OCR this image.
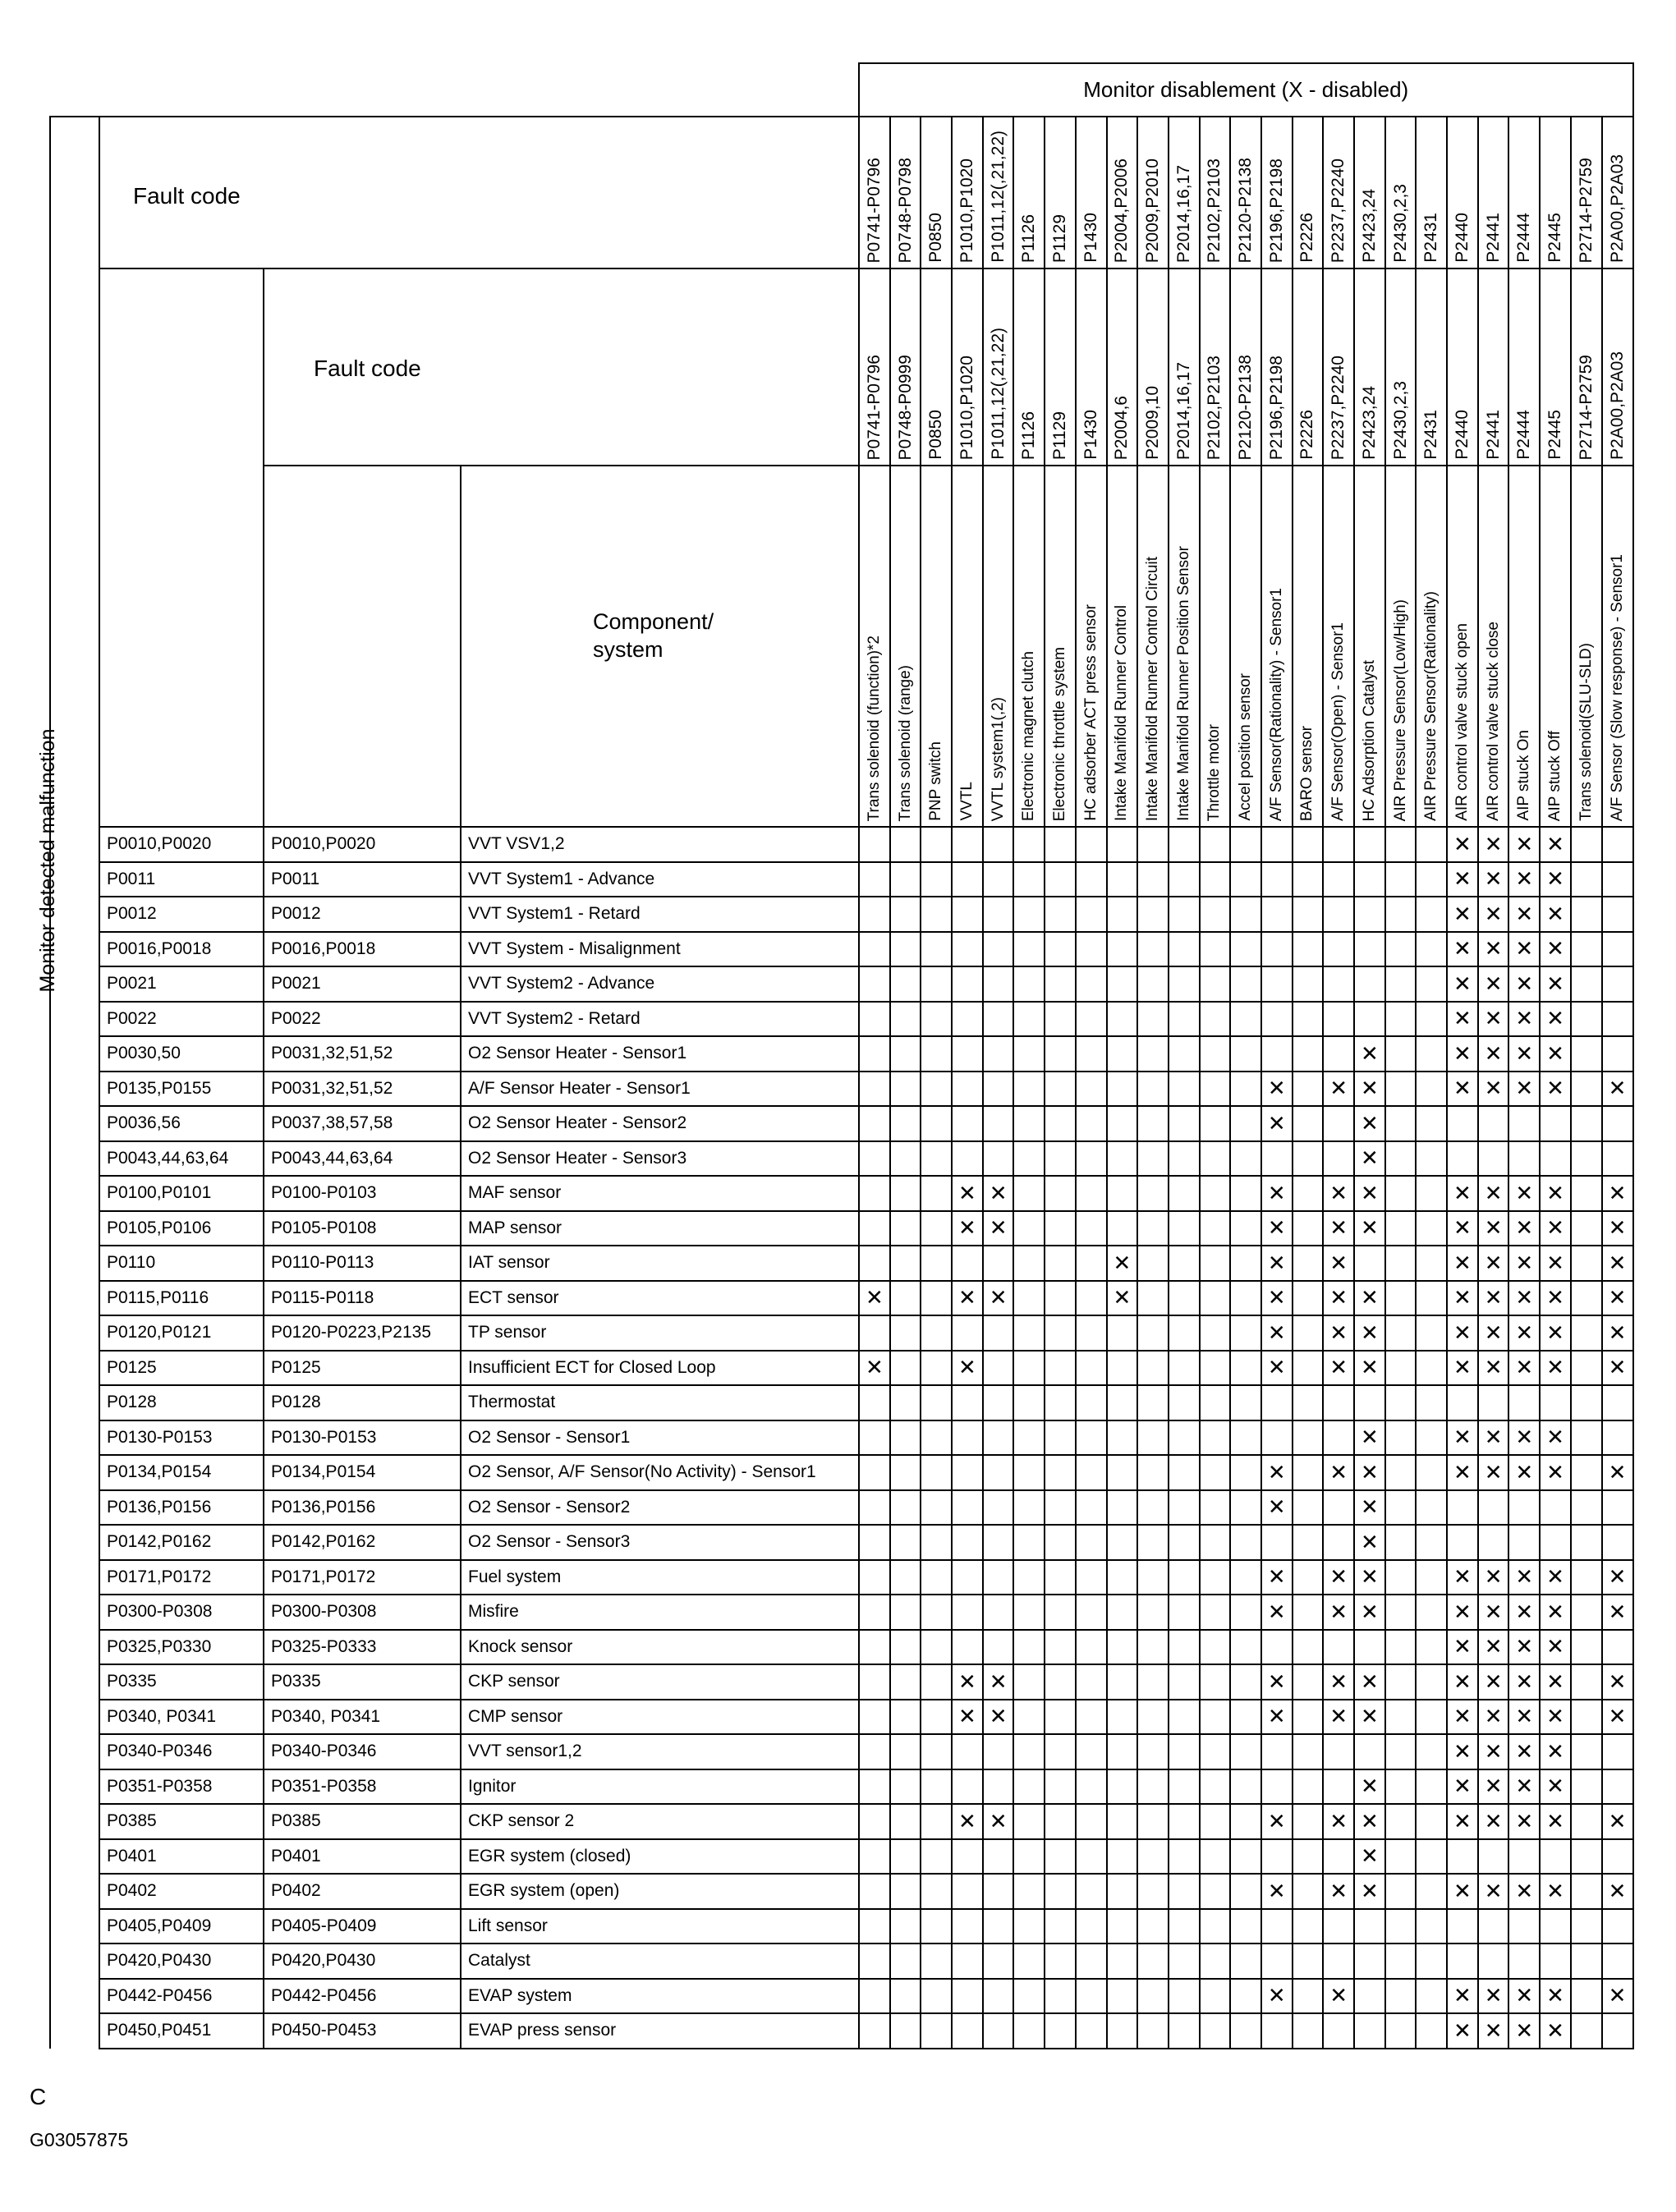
Monitor detected malfunction
				Monitor disablement (X - disabled)																								
	Fault code			P0741-P0796	P0748-P0798	P0850	P1010,P1020	P1011,12(,21,22)	P1126	P1129	P1430	P2004,P2006	P2009,P2010	P2014,16,17	P2102,P2103	P2120-P2138	P2196,P2198	P2226	P2237,P2240	P2423,24	P2430,2,3	P2431	P2440	P2441	P2444	P2445	P2714-P2759	P2A00,P2A03

		Fault code		P0741-P0796	P0748-P0999	P0850	P1010,P1020	P1011,12(,21,22)	P1126	P1129	P1430	P2004,6	P2009,10	P2014,16,17	P2102,P2103	P2120-P2138	P2196,P2198	P2226	P2237,P2240	P2423,24	P2430,2,3	P2431	P2440	P2441	P2444	P2445	P2714-P2759	P2A00,P2A03

			Component/
system	Trans solenoid (function)*2	Trans solenoid (range)	PNP switch	VVTL	VVTL system1(,2)	Electronic magnet clutch	Electronic throttle system	HC adsorber ACT press sensor	Intake Manifold Runner Control	Intake Manifold Runner Control Circuit	Intake Manifold Runner Position Sensor	Throttle motor	Accel position sensor	A/F Sensor(Rationality) - Sensor1	BARO sensor	A/F Sensor(Open) - Sensor1	HC Adsorption Catalyst	AIR Pressure Sensor(Low/High)	AIR Pressure Sensor(Rationality)	AIR control valve stuck open	AIR control valve stuck close	AIP stuck On	AIP stuck Off	Trans solenoid(SLU-SLD)	A/F Sensor (Slow response) - Sensor1

	P0010,P0020	P0010,P0020	VVT VSV1,2																				✕	✕	✕	✕		
	P0011	P0011	VVT System1 - Advance																				✕	✕	✕	✕		
	P0012	P0012	VVT System1 - Retard																				✕	✕	✕	✕		
	P0016,P0018	P0016,P0018	VVT System - Misalignment																				✕	✕	✕	✕		
	P0021	P0021	VVT System2 - Advance																				✕	✕	✕	✕		
	P0022	P0022	VVT System2 - Retard																				✕	✕	✕	✕		
	P0030,50	P0031,32,51,52	O2 Sensor Heater - Sensor1																	✕			✕	✕	✕	✕		
	P0135,P0155	P0031,32,51,52	A/F Sensor Heater - Sensor1														✕		✕	✕			✕	✕	✕	✕		✕
	P0036,56	P0037,38,57,58	O2 Sensor Heater - Sensor2														✕			✕								
	P0043,44,63,64	P0043,44,63,64	O2 Sensor Heater - Sensor3																	✕								
	P0100,P0101	P0100-P0103	MAF sensor				✕	✕									✕		✕	✕			✕	✕	✕	✕		✕
	P0105,P0106	P0105-P0108	MAP sensor				✕	✕									✕		✕	✕			✕	✕	✕	✕		✕
	P0110	P0110-P0113	IAT sensor									✕					✕		✕				✕	✕	✕	✕		✕
	P0115,P0116	P0115-P0118	ECT sensor	✕			✕	✕				✕					✕		✕	✕			✕	✕	✕	✕		✕
	P0120,P0121	P0120-P0223,P2135	TP sensor														✕		✕	✕			✕	✕	✕	✕		✕
	P0125	P0125	Insufficient ECT for Closed Loop	✕			✕										✕		✕	✕			✕	✕	✕	✕		✕
	P0128	P0128	Thermostat																									
	P0130-P0153	P0130-P0153	O2 Sensor - Sensor1																	✕			✕	✕	✕	✕		
	P0134,P0154	P0134,P0154	O2 Sensor, A/F Sensor(No Activity) - Sensor1														✕		✕	✕			✕	✕	✕	✕		✕
	P0136,P0156	P0136,P0156	O2 Sensor - Sensor2														✕			✕								
	P0142,P0162	P0142,P0162	O2 Sensor - Sensor3																	✕								
	P0171,P0172	P0171,P0172	Fuel system														✕		✕	✕			✕	✕	✕	✕		✕
	P0300-P0308	P0300-P0308	Misfire														✕		✕	✕			✕	✕	✕	✕		✕
	P0325,P0330	P0325-P0333	Knock sensor																				✕	✕	✕	✕		
	P0335	P0335	CKP sensor				✕	✕									✕		✕	✕			✕	✕	✕	✕		✕
	P0340, P0341	P0340, P0341	CMP sensor				✕	✕									✕		✕	✕			✕	✕	✕	✕		✕
	P0340-P0346	P0340-P0346	VVT sensor1,2																				✕	✕	✕	✕		
	P0351-P0358	P0351-P0358	Ignitor																	✕			✕	✕	✕	✕		
	P0385	P0385	CKP sensor 2				✕	✕									✕		✕	✕			✕	✕	✕	✕		✕
	P0401	P0401	EGR system (closed)																	✕								
	P0402	P0402	EGR system (open)														✕		✕	✕			✕	✕	✕	✕		✕
	P0405,P0409	P0405-P0409	Lift sensor																									
	P0420,P0430	P0420,P0430	Catalyst																									
	P0442-P0456	P0442-P0456	EVAP system														✕		✕				✕	✕	✕	✕		✕
	P0450,P0451	P0450-P0453	EVAP press sensor																				✕	✕	✕	✕		
C
G03057875
